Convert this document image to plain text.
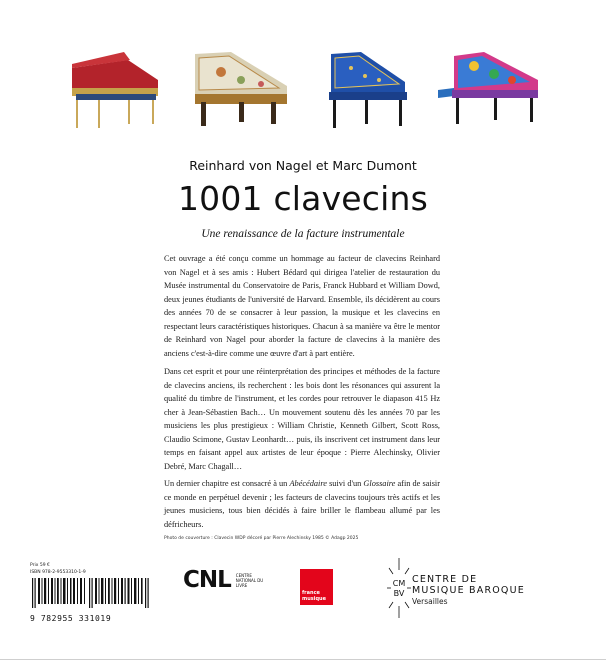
Reinhard von Nagel et Marc Dumont
1001 clavecins
Une renaissance de la facture instrumentale

Cet ouvrage a été conçu comme un hommage au facteur de clavecins Reinhard von Nagel et à ses amis : Hubert Bédard qui dirigea l'atelier de restauration du Musée instrumental du Conservatoire de Paris, Franck Hubbard et William Dowd, deux jeunes étudiants de l'université de Harvard. Ensemble, ils décidèrent au cours des années 70 de se consacrer à leur passion, la musique et les clavecins en respectant leurs caractéristiques historiques. Chacun à sa manière va être le mentor de Reinhard von Nagel pour aborder la facture de clavecins à la manière des anciens c'est-à-dire comme une œuvre d'art à part entière.

Dans cet esprit et pour une réinterprétation des principes et méthodes de la facture de clavecins anciens, ils recherchent : les bois dont les résonances qui assurent la qualité du timbre de l'instrument, et les cordes pour retrouver le diapason 415 Hz cher à Jean-Sébastien Bach… Un mouvement soutenu dès les années 70 par les musiciens les plus prestigieux : William Christie, Kenneth Gilbert, Scott Ross, Claudio Scimone, Gustav Leonhardt… puis, ils inscrivent cet instrument dans leur temps en faisant appel aux artistes de leur époque : Pierre Alechinsky, Olivier Debré, Marc Chagall…

Un dernier chapitre est consacré à un Abécédaire suivi d'un Glossaire afin de saisir ce monde en perpétuel devenir ; les facteurs de clavecins toujours très actifs et les jeunes musiciens, tous bien décidés à faire briller le flambeau allumé par les défricheurs.

Photo de couverture : Clavecin WDP décoré par Pierre Alechinsky 1985 © Adagp 2025
Prix 59 €
ISBN 978-2-9553310-1-9
9 782955 331019
CNL CENTRE NATIONAL DU LIVRE
france musique
CM
BV
CENTRE DE
MUSIQUE BAROQUE
Versailles
